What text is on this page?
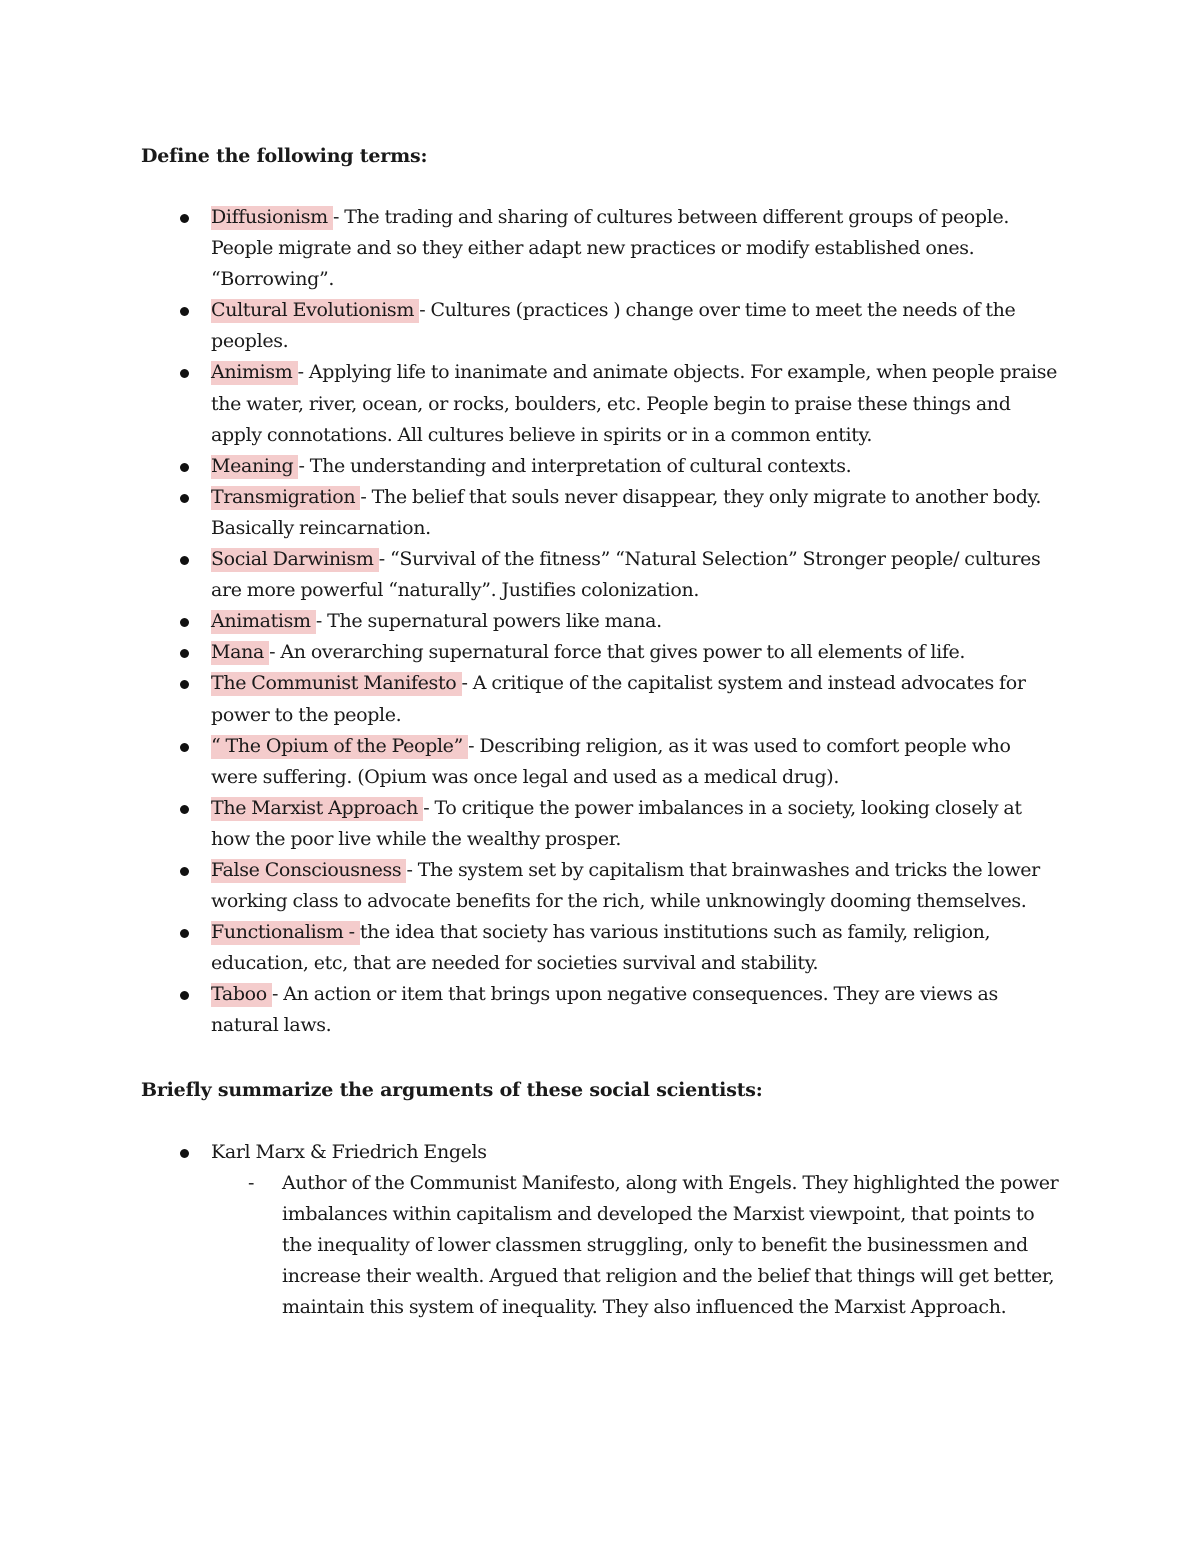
Define the following terms:
Diffusionism - The trading and sharing of cultures between different groups of people. People migrate and so they either adapt new practices or modify established ones. “Borrowing”.
Cultural Evolutionism - Cultures (practices ) change over time to meet the needs of the peoples.
Animism - Applying life to inanimate and animate objects. For example, when people praise the water, river, ocean, or rocks, boulders, etc. People begin to praise these things and apply connotations. All cultures believe in spirits or in a common entity.
Meaning - The understanding and interpretation of cultural contexts.
Transmigration - The belief that souls never disappear, they only migrate to another body. Basically reincarnation.
Social Darwinism - “Survival of the fitness” “Natural Selection” Stronger people/ cultures are more powerful “naturally”. Justifies colonization.
Animatism - The supernatural powers like mana.
Mana - An overarching supernatural force that gives power to all elements of life.
The Communist Manifesto - A critique of the capitalist system and instead advocates for power to the people.
“ The Opium of the People” - Describing religion, as it was used to comfort people who were suffering. (Opium was once legal and used as a medical drug).
The Marxist Approach - To critique the power imbalances in a society, looking closely at how the poor live while the wealthy prosper.
False Consciousness - The system set by capitalism that brainwashes and tricks the lower working class to advocate benefits for the rich, while unknowingly dooming themselves.
Functionalism - the idea that society has various institutions such as family, religion, education, etc, that are needed for societies survival and stability.
Taboo - An action or item that brings upon negative consequences. They are views as natural laws.
Briefly summarize the arguments of these social scientists:
Karl Marx & Friedrich Engels
- Author of the Communist Manifesto, along with Engels. They highlighted the power imbalances within capitalism and developed the Marxist viewpoint, that points to the inequality of lower classmen struggling, only to benefit the businessmen and increase their wealth. Argued that religion and the belief that things will get better, maintain this system of inequality. They also influenced the Marxist Approach.
